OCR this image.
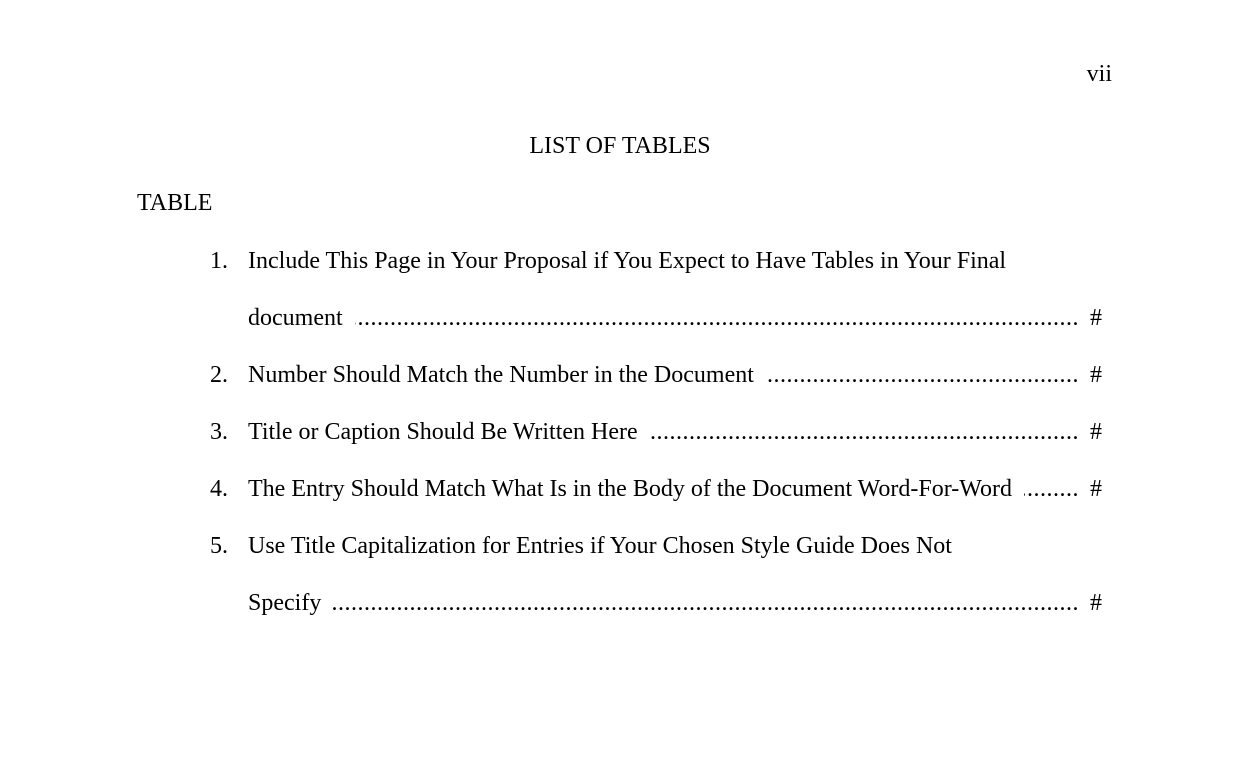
vii
LIST OF TABLES
TABLE
1. Include This Page in Your Proposal if You Expect to Have Tables in Your Final
document .....	#
2. Number Should Match the Number in the Document .....	#
3. Title or Caption Should Be Written Here .....	#
4. The Entry Should Match What Is in the Body of the Document Word-For-Word .....	#
5. Use Title Capitalization for Entries if Your Chosen Style Guide Does Not
Specify .....	#
